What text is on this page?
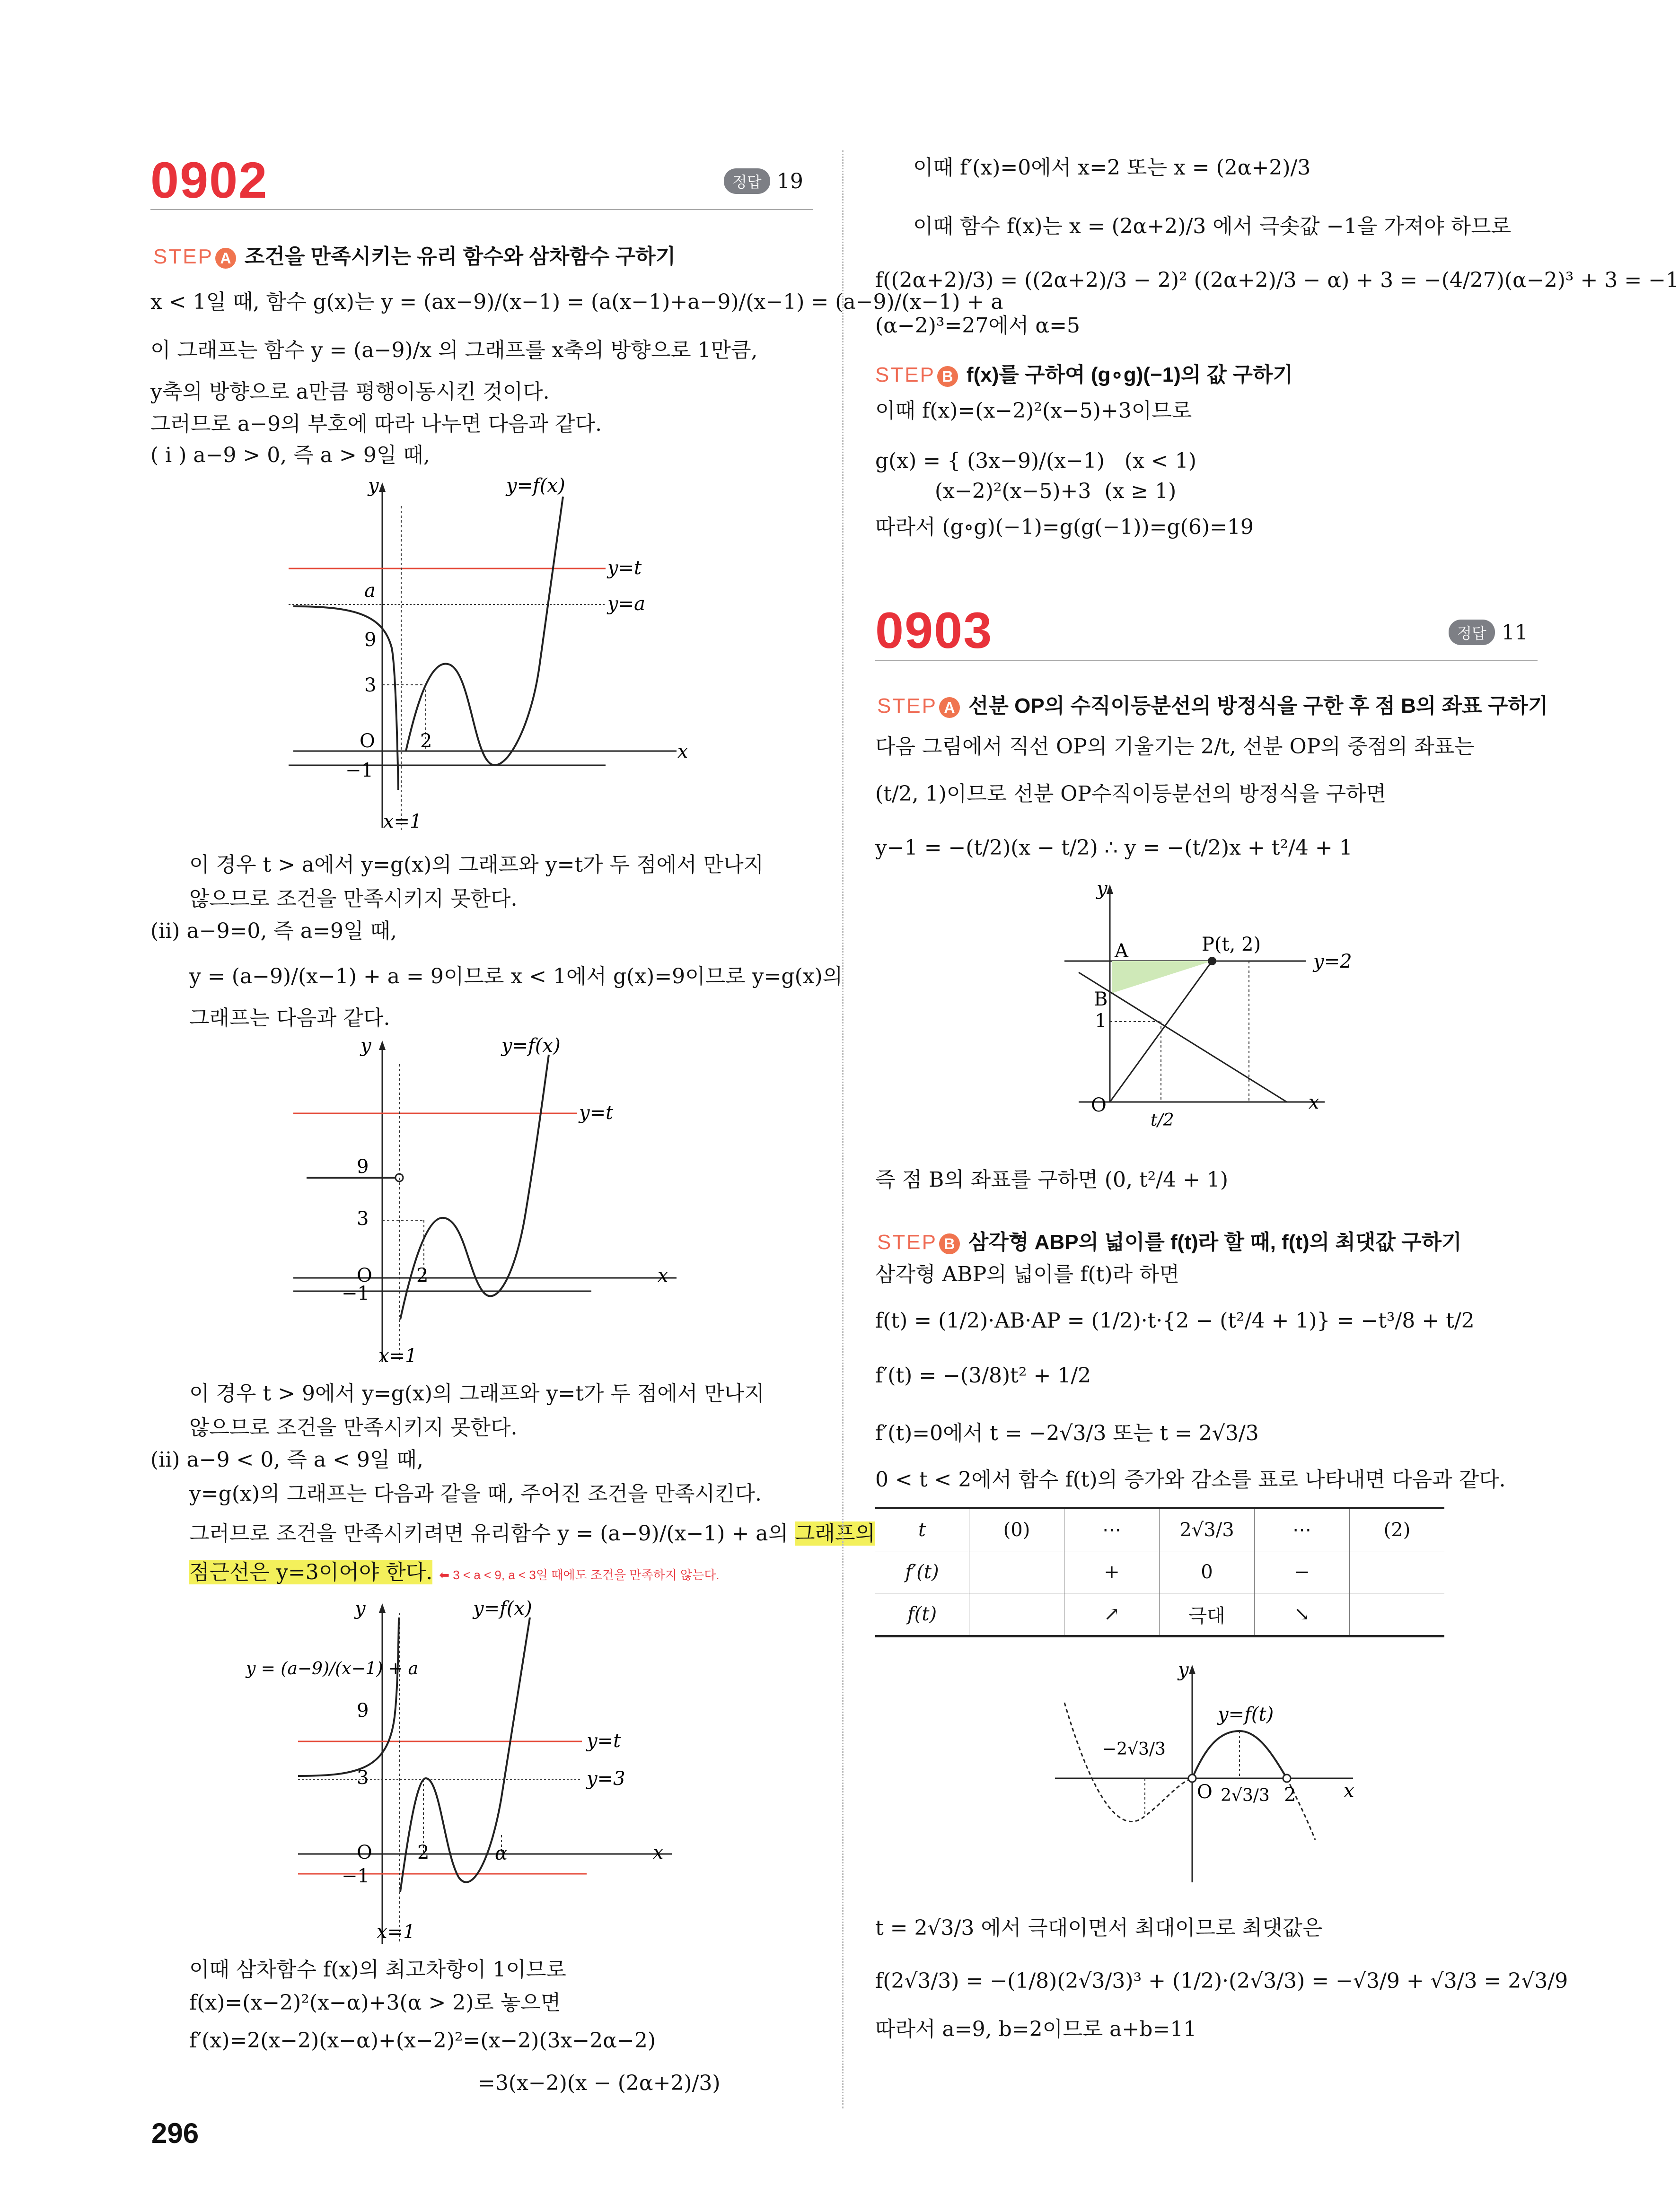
0902	정답 19
STEP A 조건을 만족시키는 유리 함수와 삼차함수 구하기
x < 1일 때, 함수 g(x)는 y = (ax−9)/(x−1) = (a(x−1)+a−9)/(x−1) = (a−9)/(x−1) + a
이 그래프는 함수 y = (a−9)/x 의 그래프를 x축의 방향으로 1만큼,
y축의 방향으로 a만큼 평행이동시킨 것이다.
그러므로 a−9의 부호에 따라 나누면 다음과 같다.
( i ) a−9 > 0, 즉 a > 9일 때,
y
x
y=f(x)
y=t
y=a
a
9
3
O 2
−1
x=1
이 경우 t > a에서 y=g(x)의 그래프와 y=t가 두 점에서 만나지
않으므로 조건을 만족시키지 못한다.
(ii) a−9=0, 즉 a=9일 때,
y = (a−9)/(x−1) + a = 9이므로 x < 1에서 g(x)=9이므로 y=g(x)의
그래프는 다음과 같다.
y
x
y=f(x)
y=t
9
3
O 2
−1
x=1
이 경우 t > 9에서 y=g(x)의 그래프와 y=t가 두 점에서 만나지
않으므로 조건을 만족시키지 못한다.
(ii) a−9 < 0, 즉 a < 9일 때,
y=g(x)의 그래프는 다음과 같을 때, 주어진 조건을 만족시킨다.
그러므로 조건을 만족시키려면 유리함수 y = (a−9)/(x−1) + a의 그래프의
점근선은 y=3이어야 한다. ⬅ 3 < a < 9, a < 3일 때에도 조건을 만족하지 않는다.
y
x
y=f(x)
y = (a−9)/(x−1) + a
y=t
y=3
9
3
O 2	α
−1
x=1
이때 삼차함수 f(x)의 최고차항이 1이므로
f(x)=(x−2)²(x−α)+3(α > 2)로 놓으면
f′(x)=2(x−2)(x−α)+(x−2)²=(x−2)(3x−2α−2)
=3(x−2)(x − (2α+2)/3)
296
이때 f′(x)=0에서 x=2 또는 x = (2α+2)/3
이때 함수 f(x)는 x = (2α+2)/3 에서 극솟값 −1을 가져야 하므로
f((2α+2)/3) = ((2α+2)/3 − 2)² ((2α+2)/3 − α) + 3 = −(4/27)(α−2)³ + 3 = −1
(α−2)³=27에서 α=5
STEP B f(x)를 구하여 (g∘g)(−1)의 값 구하기
이때 f(x)=(x−2)²(x−5)+3이므로
g(x) = { (3x−9)/(x−1)   (x < 1)
(x−2)²(x−5)+3  (x ≥ 1)
따라서 (g∘g)(−1)=g(g(−1))=g(6)=19
0903	정답 11
STEP A 선분 OP의 수직이등분선의 방정식을 구한 후 점 B의 좌표 구하기
다음 그림에서 직선 OP의 기울기는 2/t, 선분 OP의 중점의 좌표는
(t/2, 1)이므로 선분 OP수직이등분선의 방정식을 구하면
y−1 = −(t/2)(x − t/2) ∴ y = −(t/2)x + t²/4 + 1
y
x
A
B
P(t, 2)
y=2
1
O
t/2
즉 점 B의 좌표를 구하면 (0, t²/4 + 1)
STEP B 삼각형 ABP의 넓이를 f(t)라 할 때, f(t)의 최댓값 구하기
삼각형 ABP의 넓이를 f(t)라 하면
f(t) = (1/2)·AB·AP = (1/2)·t·{2 − (t²/4 + 1)} = −t³/8 + t/2
f′(t) = −(3/8)t² + 1/2
f′(t)=0에서 t = −2√3/3 또는 t = 2√3/3
0 < t < 2에서 함수 f(t)의 증가와 감소를 표로 나타내면 다음과 같다.
t	(0)	⋯	2√3/3	⋯	(2)
f′(t)		+	0	−	
f(t)		↗	극대	↘	
y
x
y=f(t)
−2√3/3
2√3/3 2
O
t = 2√3/3 에서 극대이면서 최대이므로 최댓값은
f(2√3/3) = −(1/8)(2√3/3)³ + (1/2)·(2√3/3) = −√3/9 + √3/3 = 2√3/9
따라서 a=9, b=2이므로 a+b=11
